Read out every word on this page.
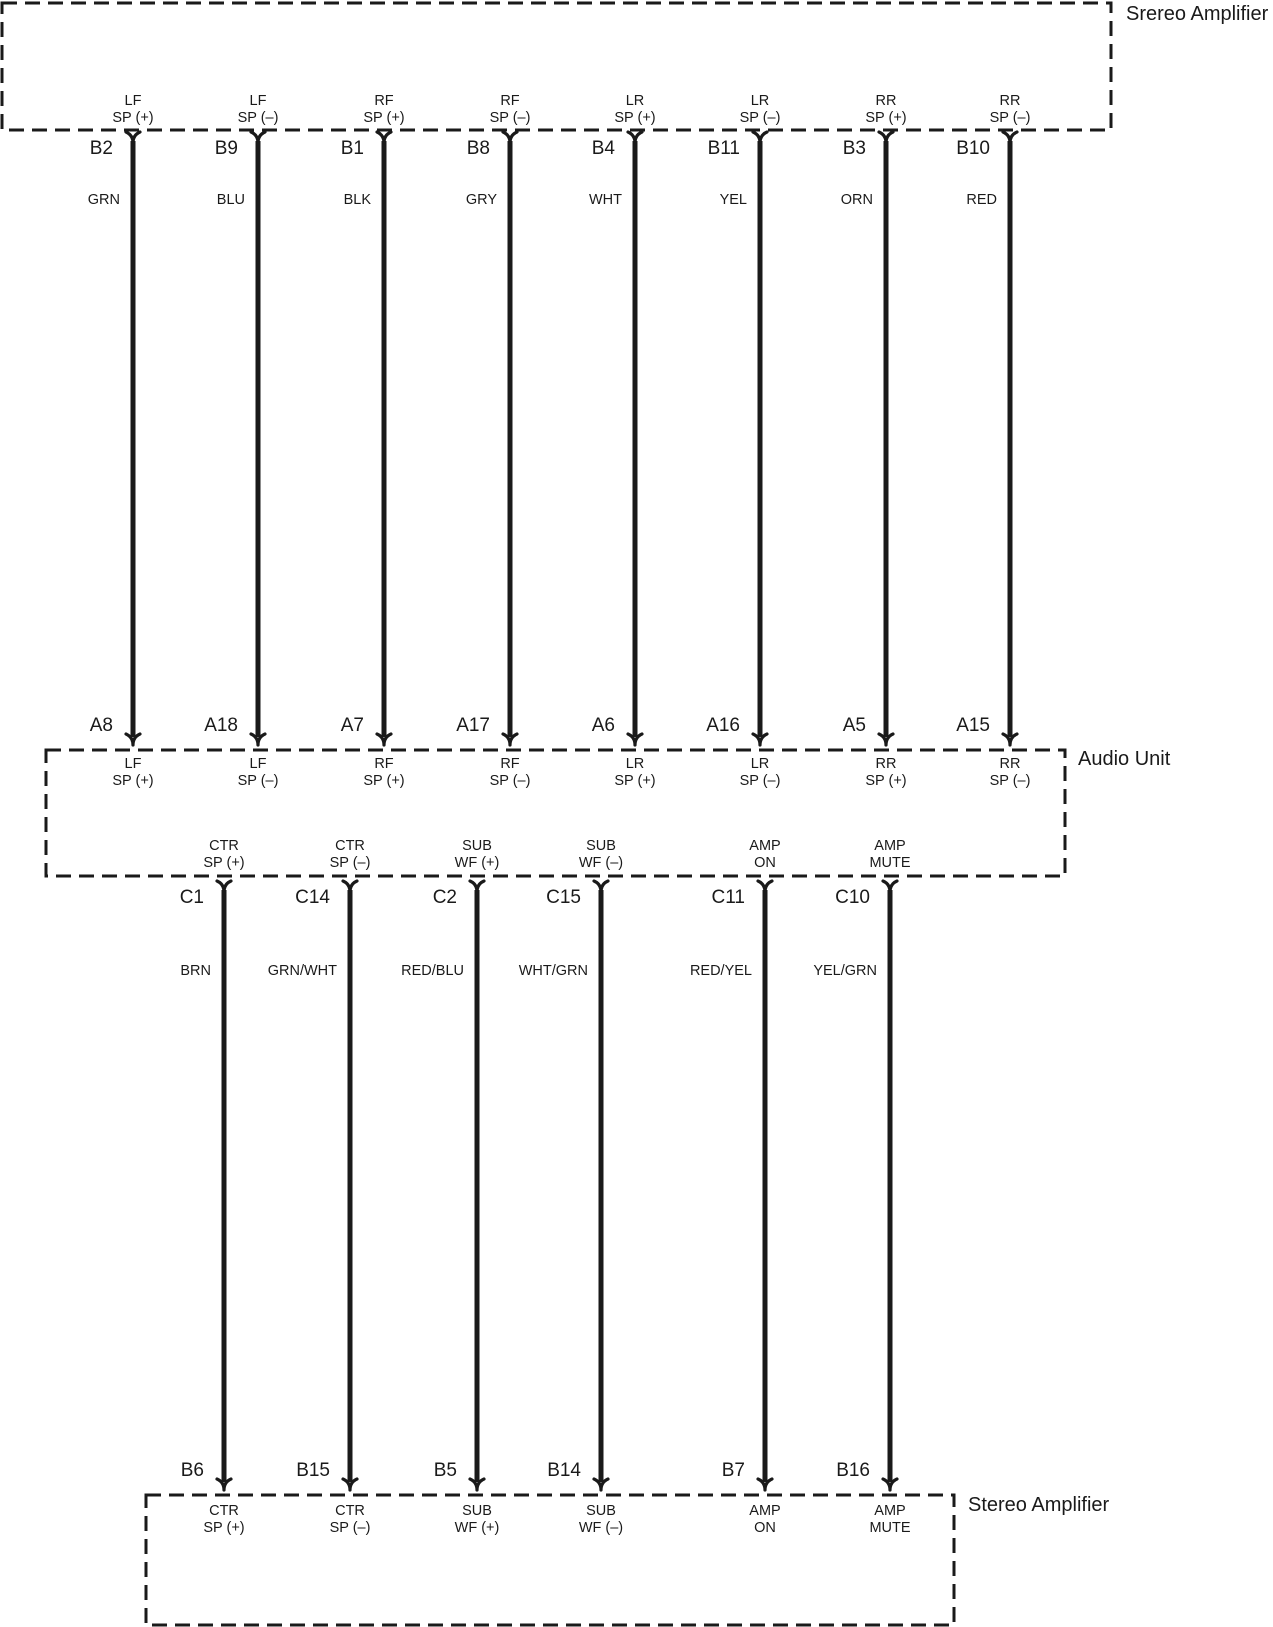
Srereo Amplifier
Audio Unit
Stereo Amplifier
B2
A8
GRN
B9
A18
BLU
B1
A7
BLK
B8
A17
GRY
B4
A6
WHT
B11
A16
YEL
B3
A5
ORN
B10
A15
RED
C1
B6
BRN
C14
B15
GRN/WHT
C2
B5
RED/BLU
C15
B14
WHT/GRN
C11
B7
RED/YEL
C10
B16
YEL/GRN
LF
SP (+)
LF
SP (–)
RF
SP (+)
RF
SP (–)
LR
SP (+)
LR
SP (–)
RR
SP (+)
RR
SP (–)
LF
SP (+)
LF
SP (–)
RF
SP (+)
RF
SP (–)
LR
SP (+)
LR
SP (–)
RR
SP (+)
RR
SP (–)
CTR
SP (+)
CTR
SP (–)
SUB
WF (+)
SUB
WF (–)
AMP
ON
AMP
MUTE
CTR
SP (+)
CTR
SP (–)
SUB
WF (+)
SUB
WF (–)
AMP
ON
AMP
MUTE
